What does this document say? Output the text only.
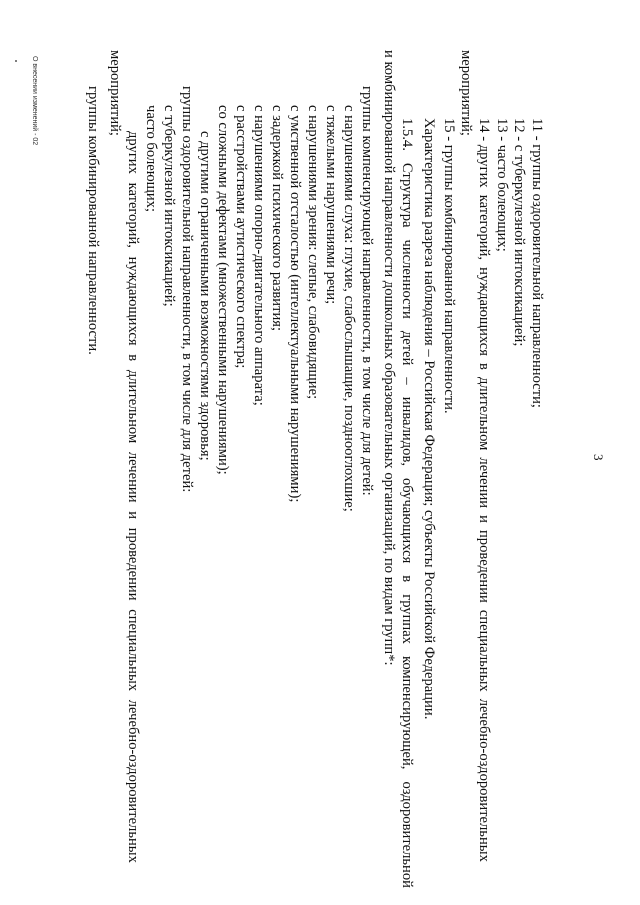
3
11 - группы оздоровительной направленности;
12 - с туберкулезной интоксикацией;
13 - часто болеющих;
14 - других
категорий,
нуждающихся
в
длительном
лечении
и
проведении
специальных
лечебно-оздоровительных
мероприятий;
15 - группы комбинированной направленности.
Характеристика разреза наблюдения – Российская Федерация; субъекты Российской Федерации.
1.5.4.
Структура
численности
детей
–
инвалидов,
обучающихся
в
группах
компенсирующей,
оздоровительной
и комбинированной направленности дошкольных образовательных организаций, по видам групп*:
группы компенсирующей направленности, в том числе для детей:
с нарушениями слуха: глухие, слабослышащие, позднооглохшие;
с тяжелыми нарушениями речи;
с нарушениями зрения: слепые, слабовидящие;
с умственной отсталостью (интеллектуальными нарушениями);
с задержкой психического развития;
с нарушениями опорно-двигательного аппарата;
с расстройствами аутистического спектра;
со сложными дефектами (множественными нарушениями);
с другими ограниченными возможностями здоровья;
группы оздоровительной направленности, в том числе для детей:
с туберкулезной интоксикацией;
часто болеющих;
других
категорий,
нуждающихся
в
длительном
лечении
и
проведении
специальных
лечебно-оздоровительных
мероприятий;
группы комбинированной направленности.
О внесении изменений - 02
